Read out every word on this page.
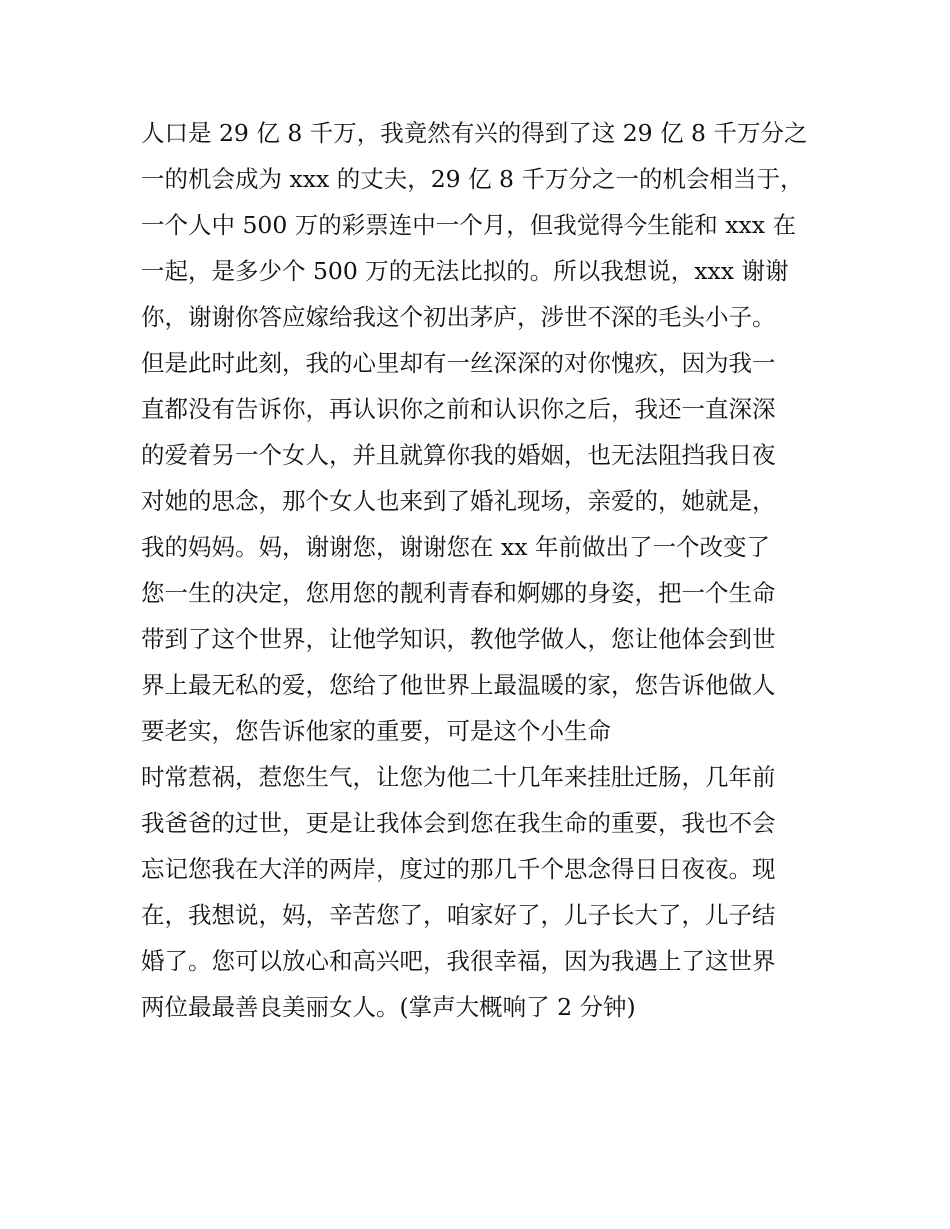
人口是 29 亿 8 千万，我竟然有兴的得到了这 29 亿 8 千万分之
一的机会成为 xxx 的丈夫，29 亿 8 千万分之一的机会相当于，
一个人中 500 万的彩票连中一个月，但我觉得今生能和 xxx 在
一起，是多少个 500 万的无法比拟的。所以我想说，xxx 谢谢
你，谢谢你答应嫁给我这个初出茅庐，涉世不深的毛头小子。
但是此时此刻，我的心里却有一丝深深的对你愧疚，因为我一
直都没有告诉你，再认识你之前和认识你之后，我还一直深深
的爱着另一个女人，并且就算你我的婚姻，也无法阻挡我日夜
对她的思念，那个女人也来到了婚礼现场，亲爱的，她就是，
我的妈妈。妈，谢谢您，谢谢您在 xx 年前做出了一个改变了
您一生的决定，您用您的靓利青春和婀娜的身姿，把一个生命
带到了这个世界，让他学知识，教他学做人，您让他体会到世
界上最无私的爱，您给了他世界上最温暖的家，您告诉他做人
要老实，您告诉他家的重要，可是这个小生命
时常惹祸，惹您生气，让您为他二十几年来挂肚迁肠，几年前
我爸爸的过世，更是让我体会到您在我生命的重要，我也不会
忘记您我在大洋的两岸，度过的那几千个思念得日日夜夜。现
在，我想说，妈，辛苦您了，咱家好了，儿子长大了，儿子结
婚了。您可以放心和高兴吧，我很幸福，因为我遇上了这世界
两位最最善良美丽女人。(掌声大概响了 2 分钟)
